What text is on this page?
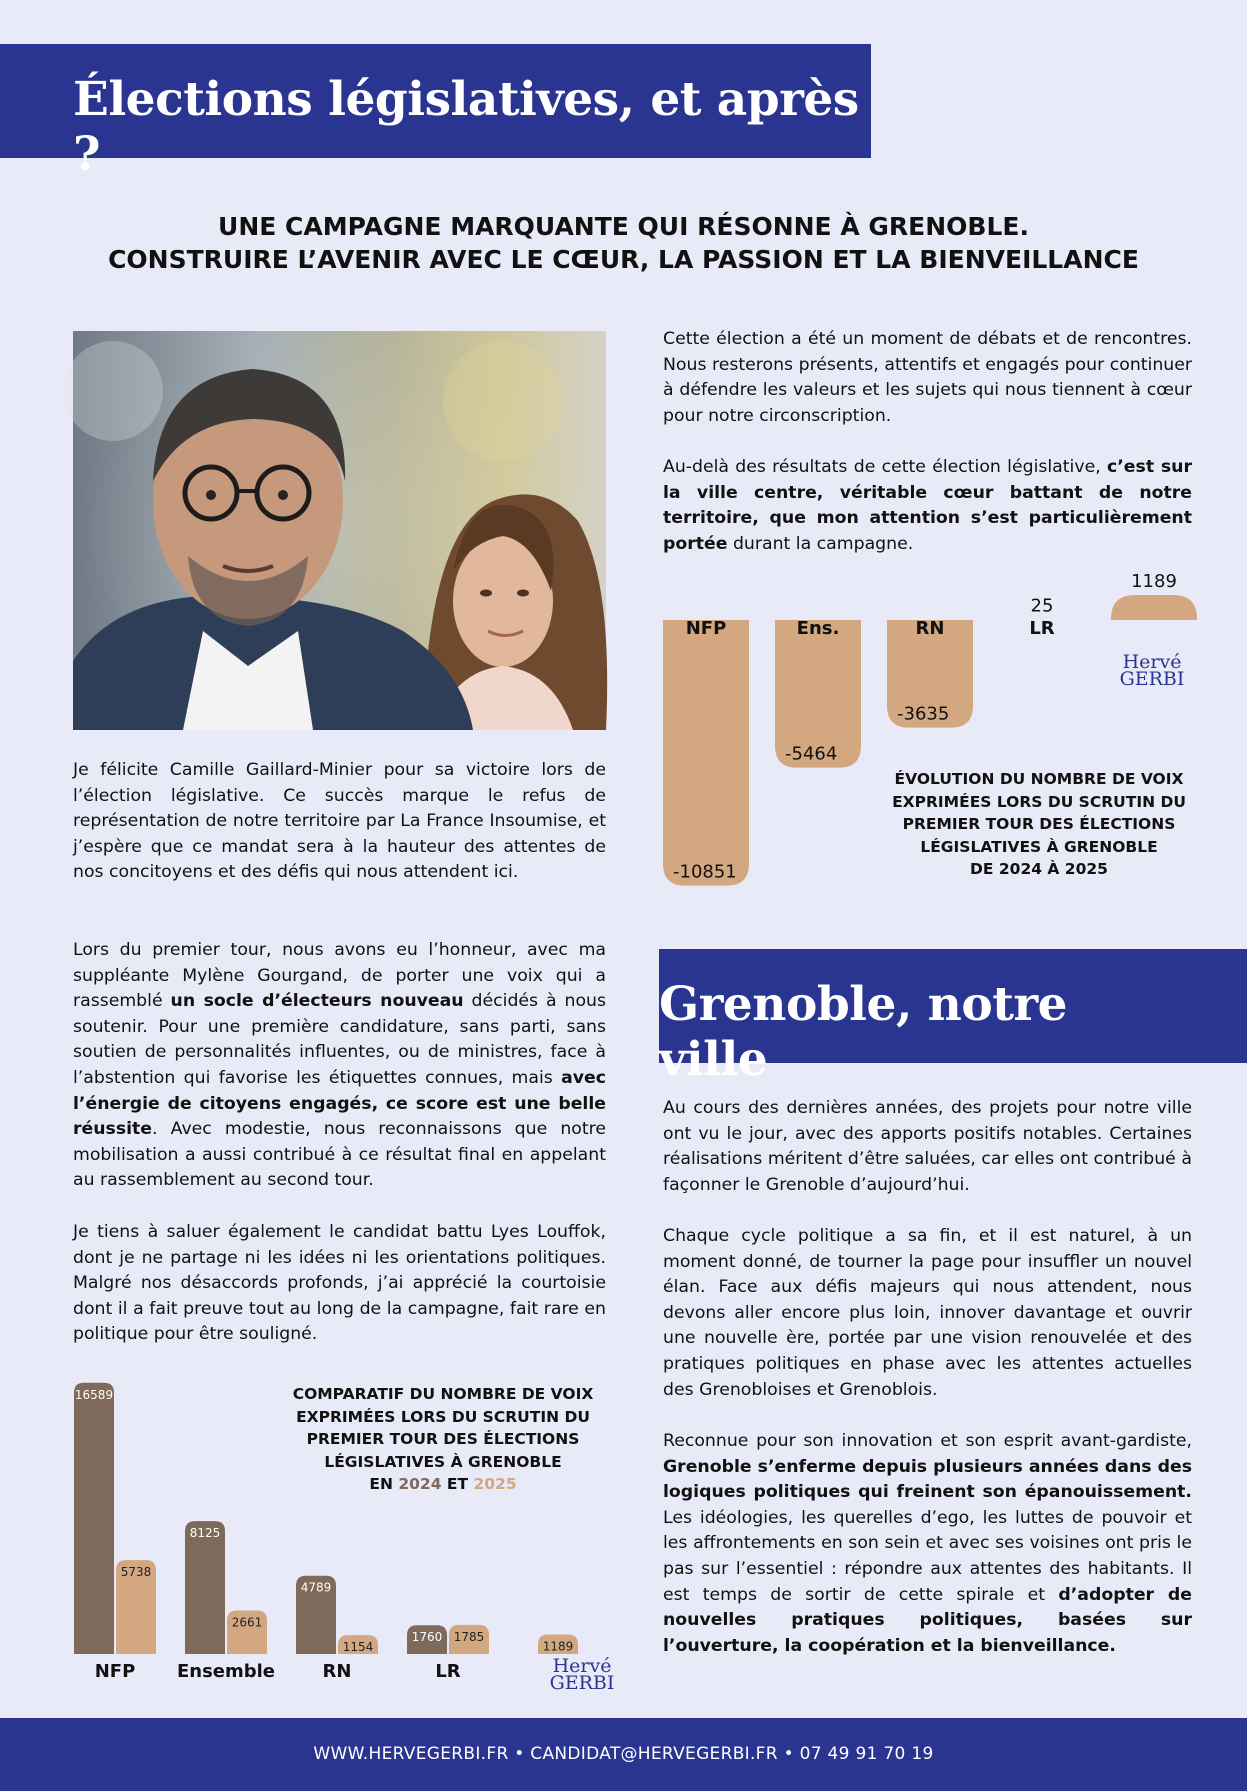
Élections législatives, et après ?
UNE CAMPAGNE MARQUANTE QUI RÉSONNE À GRENOBLE.
CONSTRUIRE L’AVENIR AVEC LE CŒUR, LA PASSION ET LA BIENVEILLANCE
Je félicite Camille Gaillard-Minier pour sa victoire lors de l’élection législative. Ce succès marque le refus de représentation de notre territoire par La France Insoumise, et j’espère que ce mandat sera à la hauteur des attentes de nos concitoyens et des défis qui nous attendent ici.
Lors du premier tour, nous avons eu l’honneur, avec ma suppléante Mylène Gourgand, de porter une voix qui a rassemblé un socle d’électeurs nouveau décidés à nous soutenir. Pour une première candidature, sans parti, sans soutien de personnalités influentes, ou de ministres, face à l’abstention qui favorise les étiquettes connues, mais avec l’énergie de citoyens engagés, ce score est une belle réussite. Avec modestie, nous reconnaissons que notre mobilisation a aussi contribué à ce résultat final en appelant au rassemblement au second tour.
Je tiens à saluer également le candidat battu Lyes Louffok, dont je ne partage ni les idées ni les orientations politiques. Malgré nos désaccords profonds, j’ai apprécié la courtoisie dont il a fait preuve tout au long de la campagne, fait rare en politique pour être souligné.
Cette élection a été un moment de débats et de rencontres. Nous resterons présents, attentifs et engagés pour continuer à défendre les valeurs et les sujets qui nous tiennent à cœur pour notre circonscription.
Au-delà des résultats de cette élection législative, c’est sur la ville centre, véritable cœur battant de notre territoire, que mon attention s’est particulièrement portée durant la campagne.
-10851
NFP
-5464
Ens.
-3635
RN
25
LR
1189
ÉVOLUTION DU NOMBRE DE VOIX
EXPRIMÉES LORS DU SCRUTIN DU
PREMIER TOUR DES ÉLECTIONS
LÉGISLATIVES À GRENOBLE
DE 2024 À 2025
Hervé
GERBI
Grenoble, notre ville
Au cours des dernières années, des projets pour notre ville ont vu le jour, avec des apports positifs notables. Certaines réalisations méritent d’être saluées, car elles ont contribué à façonner le Grenoble d’aujourd’hui.
Chaque cycle politique a sa fin, et il est naturel, à un moment donné, de tourner la page pour insuffler un nouvel élan. Face aux défis majeurs qui nous attendent, nous devons aller encore plus loin, innover davantage et ouvrir une nouvelle ère, portée par une vision renouvelée et des pratiques politiques en phase avec les attentes actuelles des Grenobloises et Grenoblois.
Reconnue pour son innovation et son esprit avant-gardiste, Grenoble s’enferme depuis plusieurs années dans des logiques politiques qui freinent son épanouissement. Les idéologies, les querelles d’ego, les luttes de pouvoir et les affrontements en son sein et avec ses voisines ont pris le pas sur l’essentiel : répondre aux attentes des habitants. Il est temps de sortir de cette spirale et d’adopter de nouvelles pratiques politiques, basées sur l’ouverture, la coopération et la bienveillance.
16589
5738
NFP
8125
2661
Ensemble
4789
1154
RN
1760 1785
LR
1189
COMPARATIF DU NOMBRE DE VOIX
EXPRIMÉES LORS DU SCRUTIN DU
PREMIER TOUR DES ÉLECTIONS
LÉGISLATIVES À GRENOBLE
EN 2024 ET 2025
Hervé
GERBI
WWW.HERVEGERBI.FR • CANDIDAT@HERVEGERBI.FR • 07 49 91 70 19
